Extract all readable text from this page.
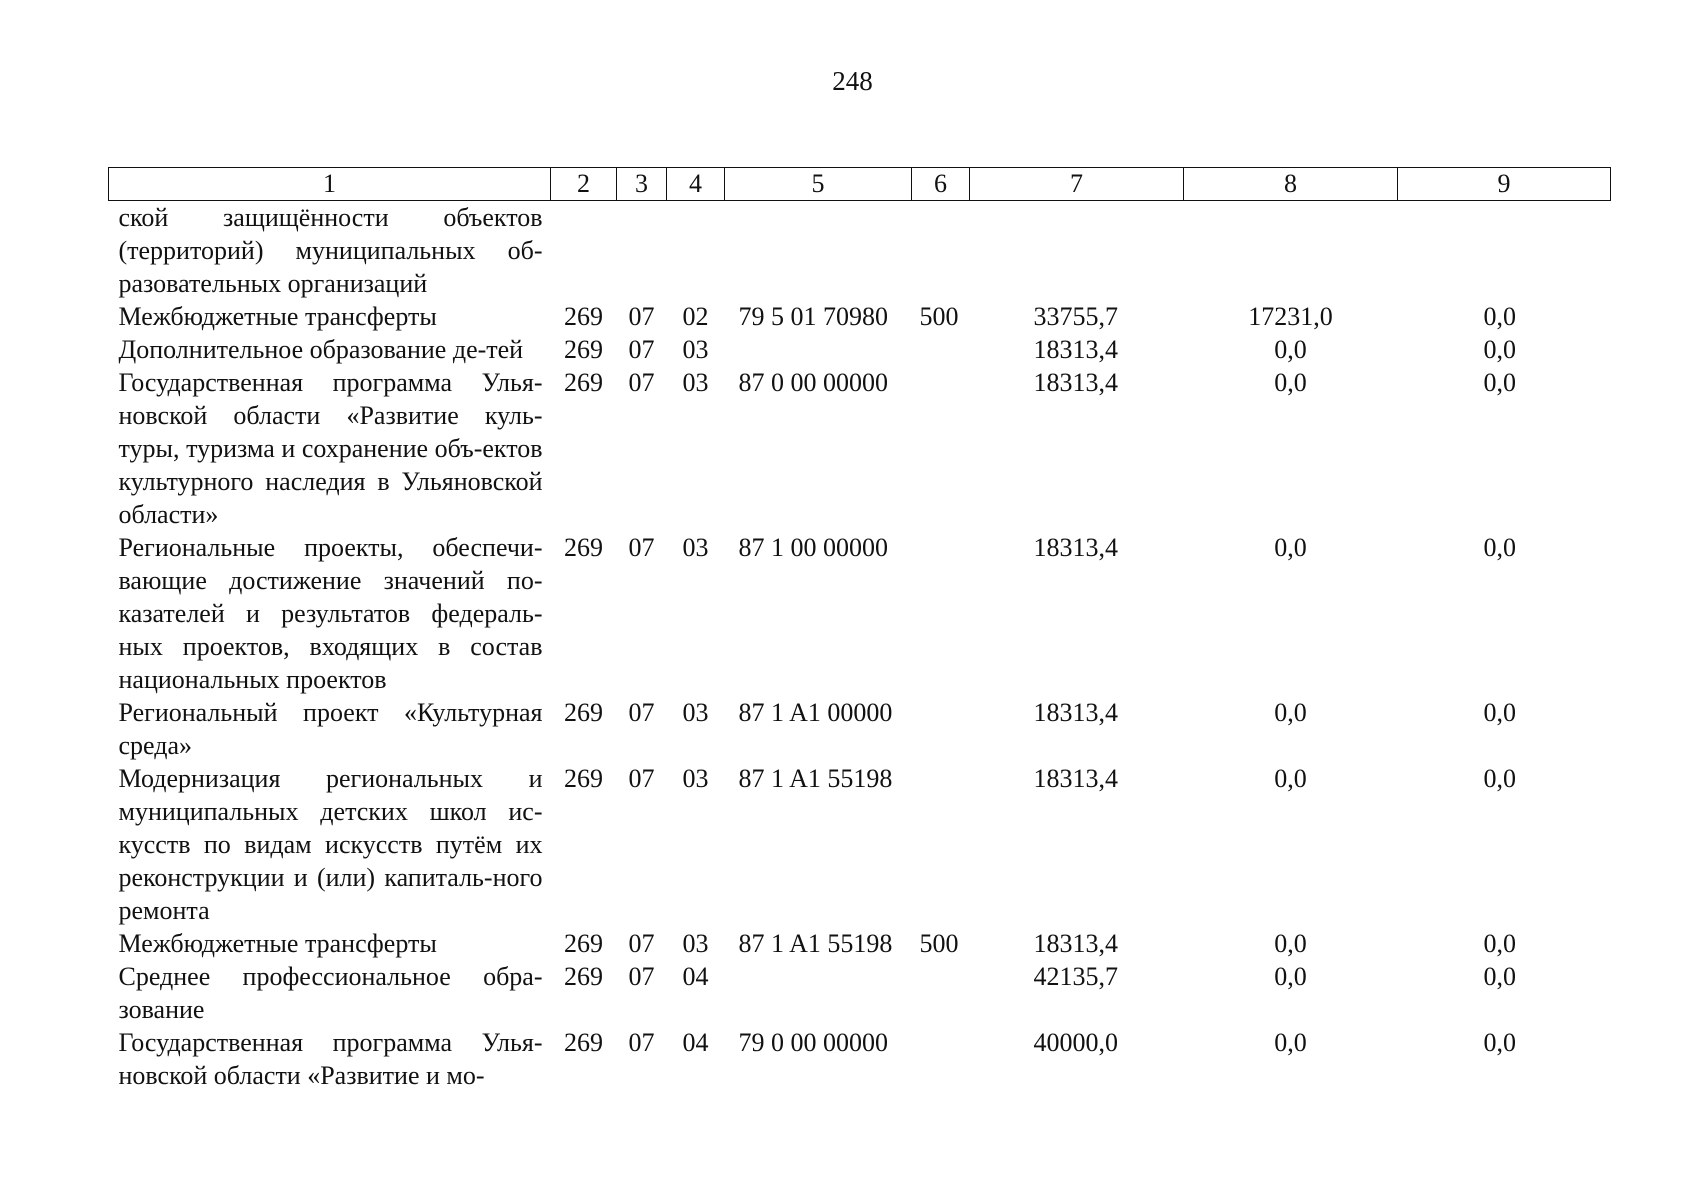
248
1	2	3	4	5	6	7	8	9
ской защищённости объектов (территорий) муниципальных об-разовательных организаций								
Межбюджетные трансферты	269	07	02	79 5 01 70980	500	33755,7	17231,0	0,0
Дополнительное образование де-тей	269	07	03			18313,4	0,0	0,0
Государственная программа Улья-новской области «Развитие куль-туры, туризма и сохранение объ-ектов культурного наследия в Ульяновской области»	269	07	03	87 0 00 00000		18313,4	0,0	0,0
Региональные проекты, обеспечи-вающие достижение значений по-казателей и результатов федераль-ных проектов, входящих в состав национальных проектов	269	07	03	87 1 00 00000		18313,4	0,0	0,0
Региональный проект «Культурная среда»	269	07	03	87 1 A1 00000		18313,4	0,0	0,0
Модернизация региональных и муниципальных детских школ ис-кусств по видам искусств путём их реконструкции и (или) капиталь-ного ремонта	269	07	03	87 1 A1 55198		18313,4	0,0	0,0
Межбюджетные трансферты	269	07	03	87 1 A1 55198	500	18313,4	0,0	0,0
Среднее профессиональное обра-зование	269	07	04			42135,7	0,0	0,0
Государственная программа Улья-новской области «Развитие и мо-	269	07	04	79 0 00 00000		40000,0	0,0	0,0
